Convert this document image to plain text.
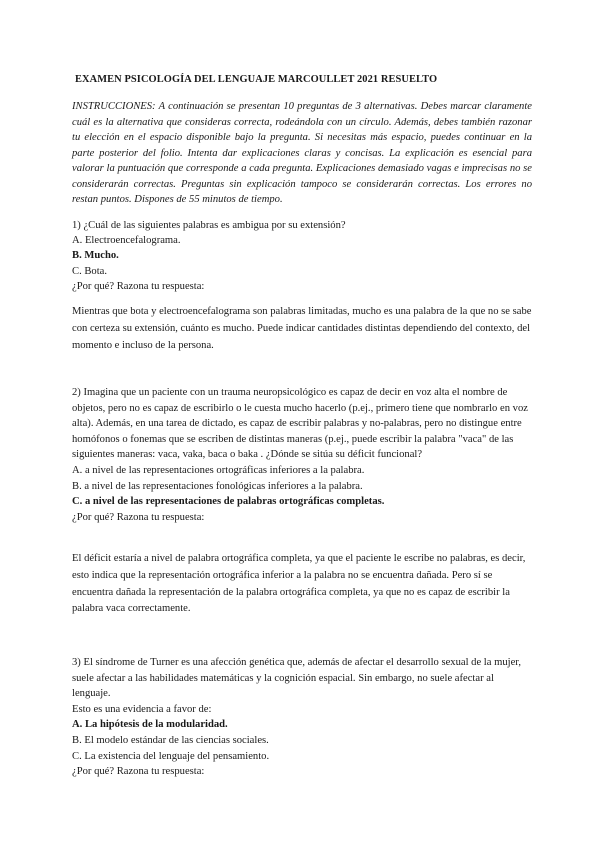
EXAMEN PSICOLOGÍA DEL LENGUAJE MARCOULLET 2021 RESUELTO
INSTRUCCIONES: A continuación se presentan 10 preguntas de 3 alternativas. Debes marcar claramente cuál es la alternativa que consideras correcta, rodeándola con un círculo. Además, debes también razonar tu elección en el espacio disponible bajo la pregunta. Si necesitas más espacio, puedes continuar en la parte posterior del folio. Intenta dar explicaciones claras y concisas. La explicación es esencial para valorar la puntuación que corresponde a cada pregunta. Explicaciones demasiado vagas e imprecisas no se considerarán correctas. Preguntas sin explicación tampoco se considerarán correctas. Los errores no restan puntos. Dispones de 55 minutos de tiempo.

1) ¿Cuál de las siguientes palabras es ambigua por su extensión?

A. Electroencefalograma.

B. Mucho.

C. Bota.

¿Por qué? Razona tu respuesta:

Mientras que bota y electroencefalograma son palabras limitadas, mucho es una palabra de la que no se sabe con certeza su extensión, cuánto es mucho. Puede indicar cantidades distintas dependiendo del contexto, del momento e incluso de la persona.

2) Imagina que un paciente con un trauma neuropsicológico es capaz de decir en voz alta el nombre de objetos, pero no es capaz de escribirlo o le cuesta mucho hacerlo (p.ej., primero tiene que nombrarlo en voz alta). Además, en una tarea de dictado, es capaz de escribir palabras y no-palabras, pero no distingue entre homófonos o fonemas que se escriben de distintas maneras (p.ej., puede escribir la palabra "vaca" de las siguientes maneras: vaca, vaka, baca o baka . ¿Dónde se sitúa su déficit funcional?

A. a nivel de las representaciones ortográficas inferiores a la palabra.

B. a nivel de las representaciones fonológicas inferiores a la palabra.

C. a nivel de las representaciones de palabras ortográficas completas.

¿Por qué? Razona tu respuesta:

El déficit estaría a nivel de palabra ortográfica completa, ya que el paciente le escribe no palabras, es decir, esto indica que la representación ortográfica inferior a la palabra no se encuentra dañada. Pero sí se encuentra dañada la representación de la palabra ortográfica completa, ya que no es capaz de escribir la palabra vaca correctamente.

3) El síndrome de Turner es una afección genética que, además de afectar el desarrollo sexual de la mujer, suele afectar a las habilidades matemáticas y la cognición espacial. Sin embargo, no suele afectar al lenguaje.

Esto es una evidencia a favor de:

A. La hipótesis de la modularidad.

B. El modelo estándar de las ciencias sociales.

C. La existencia del lenguaje del pensamiento.

¿Por qué? Razona tu respuesta:
